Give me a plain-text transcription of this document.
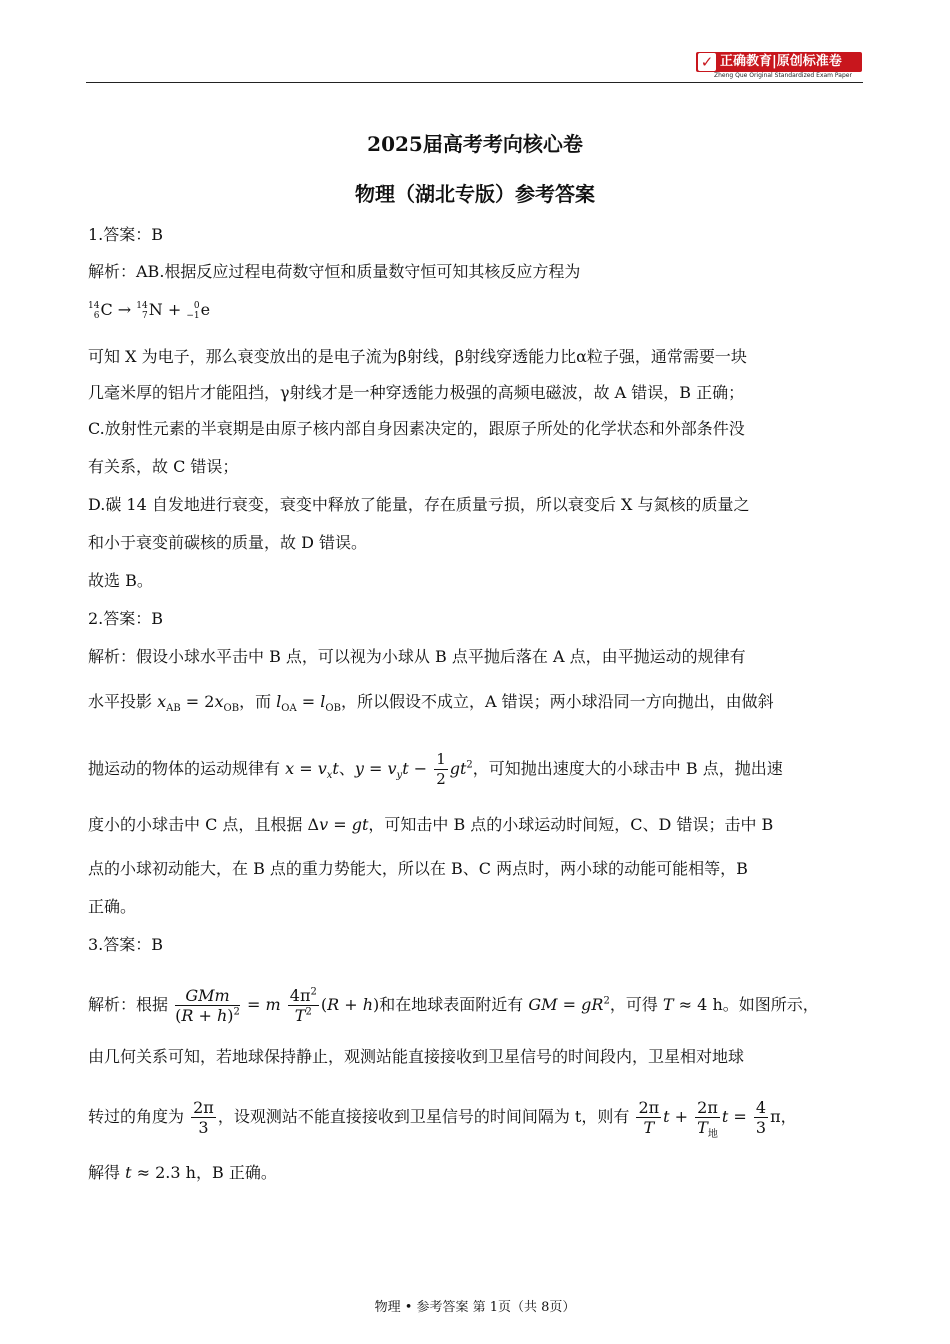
✓ 正确教育|原创标准卷
Zheng Que Original Standardized Exam Paper
2025届高考考向核心卷
物理（湖北专版）参考答案
1.答案：B
解析：AB.根据反应过程电荷数守恒和质量数守恒可知其核反应方程为
14
6C → 14
7N + 0
−1e
可知 X 为电子，那么衰变放出的是电子流为β射线，β射线穿透能力比α粒子强，通常需要一块
几毫米厚的铝片才能阻挡，γ射线才是一种穿透能力极强的高频电磁波，故 A 错误，B 正确；
C.放射性元素的半衰期是由原子核内部自身因素决定的，跟原子所处的化学状态和外部条件没
有关系，故 C 错误；
D.碳 14 自发地进行衰变，衰变中释放了能量，存在质量亏损，所以衰变后 X 与氮核的质量之
和小于衰变前碳核的质量，故 D 错误。
故选 B。
2.答案：B
解析：假设小球水平击中 B 点，可以视为小球从 B 点平抛后落在 A 点，由平抛运动的规律有
水平投影 $x_{AB} = 2x_{OB}$，而 $l_{OA} = l_{OB}$，所以假设不成立，A 错误；两小球沿同一方向抛出，由做斜
抛运动的物体的运动规律有 $x = v_xt$、$y = v_yt - \frac{1}{2} gt^2$，可知抛出速度大的小球击中 B 点，抛出速
度小的小球击中 C 点，且根据 Δv = gt，可知击中 B 点的小球运动时间短，C、D 错误；击中 B
点的小球初动能大，在 B 点的重力势能大，所以在 B、C 两点时，两小球的动能可能相等，B
正确。
3.答案：B
解析：根据 $\frac{\text{GMm}}{(R + h)^2} = m \frac{4\pi^2}{T^2} (R + h)$和在地球表面附近有 GM = $gR^2$，可得 T ≈ 4 h。如图所示，
由几何关系可知，若地球保持静止，观测站能直接接收到卫星信号的时间段内，卫星相对地球
转过的角度为 $\frac{2\pi}{3}$ ，设观测站不能直接接收到卫星信号的时间间隔为 t，则有 $\frac{2\pi}{T}$ $t + \frac{2\pi}{T_地}$ $t = \frac{4}{3}$ π，
解得 t ≈ 2.3 h，B 正确。
物理 • 参考答案 第 1页（共 8页）
